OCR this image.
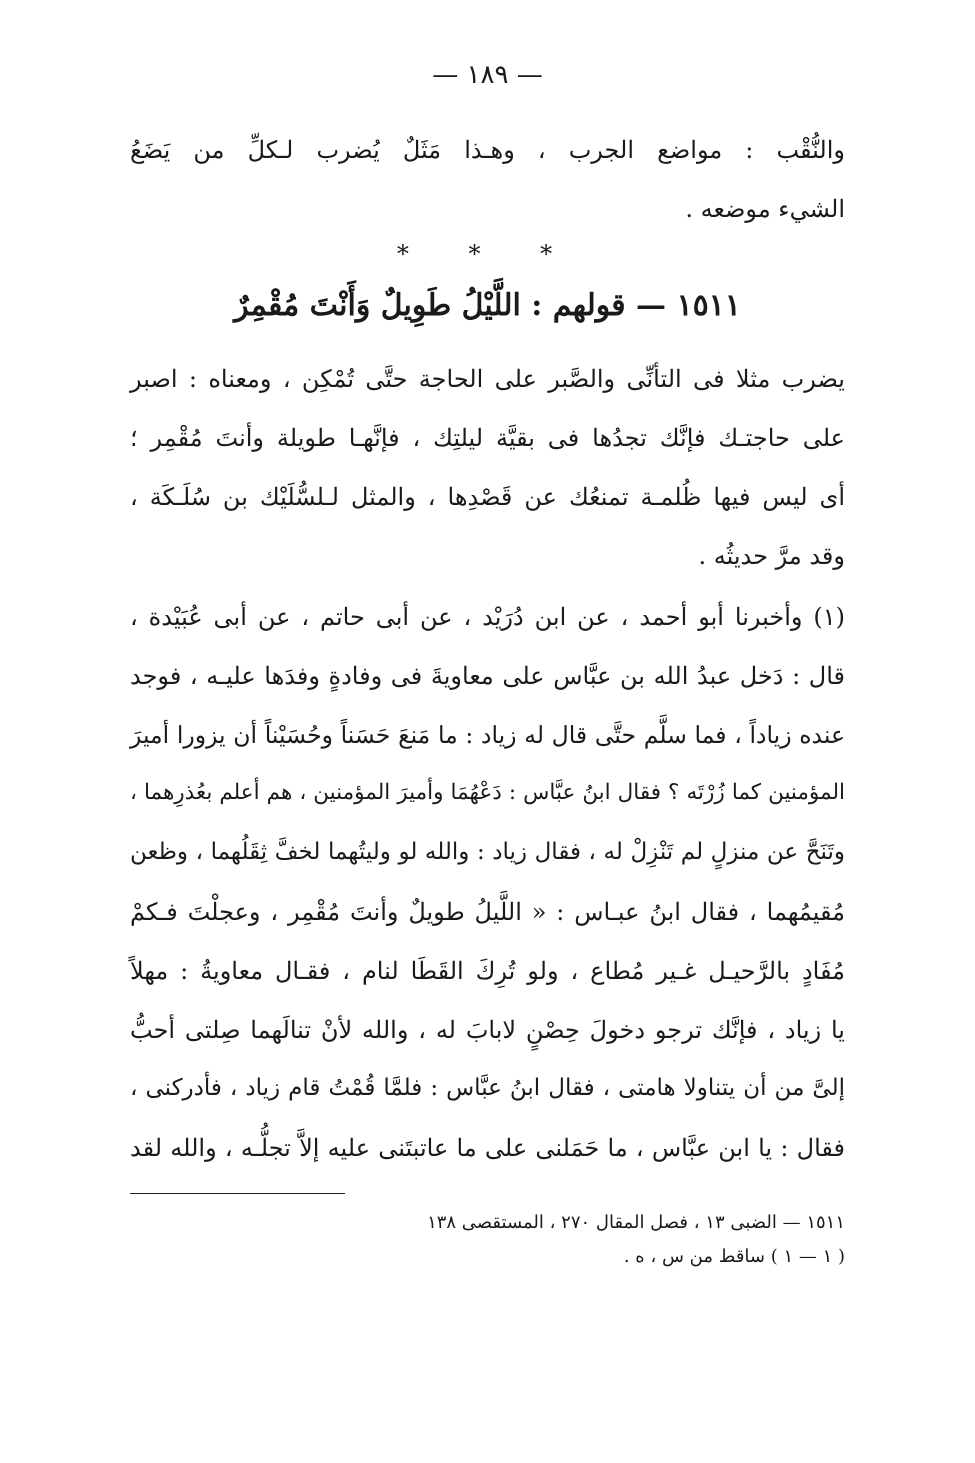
— ١٨٩ —
والنُّقْب : مواضع الجرب ، وهـذا مَثَلٌ يُضرب لـكلِّ من يَضَعُ
الشيء موضعه .
* * *
١٥١١ — قولهم : اللَّيْلُ طَوِيلٌ وَأَنْتَ مُقْمِرٌ
يضرب مثلا فى التأنِّى والصَّبر على الحاجة حتَّى تُمْكِن ، ومعناه : اصبر
على حاجتـك فإنَّك تجدُها فى بقيَّة ليلتِك ، فإنَّهـا طويلة وأنتَ مُقْمِر ؛
أى ليس فيها ظُلمـة تمنعُك عن قَصْدِها ، والمثل لـلسُّلَيْك بن سُلَـكَة ،
وقد مرَّ حديثُه .
(١) وأخبرنا أبو أحمد ، عن ابن دُرَيْد ، عن أبى حاتم ، عن أبى عُبَيْدة ،
قال : دَخل عبدُ الله بن عبَّاس على معاويةَ فى وفادةٍ وفدَها عليـه ، فوجد
عنده زياداً ، فما سلَّم حتَّى قال له زياد : ما مَنعَ حَسَناً وحُسَيْناً أن يزورا أميرَ
المؤمنين كما زُرْتَه ؟ فقال ابنُ عبَّاس : دَعْهُمَا وأميرَ المؤمنين ، هم أعلم بعُذرِهما ،
وتَنَحَّ عن منزلٍ لم تَنْزِلْ له ، فقال زياد : والله لو وليتُهما لخفَّ ثِقَلُهما ، وظعن
مُقيمُهما ، فقال ابنُ عبـاس : « اللَّيلُ طويلٌ وأنتَ مُقْمِر ، وعجلْتَ فـكمْ
مُفَادٍ بالرَّحيـل غـير مُطاع ، ولو تُرِكَ القَطَا لنام ، فقـال معاويةُ : مهلاً
يا زياد ، فإنَّك ترجو دخولَ حِصْنٍ لابابَ له ، والله لأنْ تنالَهما صِلتى أحبُّ
إلىَّ من أن يتناولا هامتى ، فقال ابنُ عبَّاس : فلمَّا قُمْتُ قام زياد ، فأدركنى ،
فقال : يا ابن عبَّاس ، ما حَمَلنى على ما عاتبتَنى عليه إلاَّ تجلُّـه ، والله لقد
١٥١١ — الضبى ١٣ ، فصل المقال ٢٧٠ ، المستقصى ١٣٨
( ١ — ١ ) ساقط من س ، ه .
